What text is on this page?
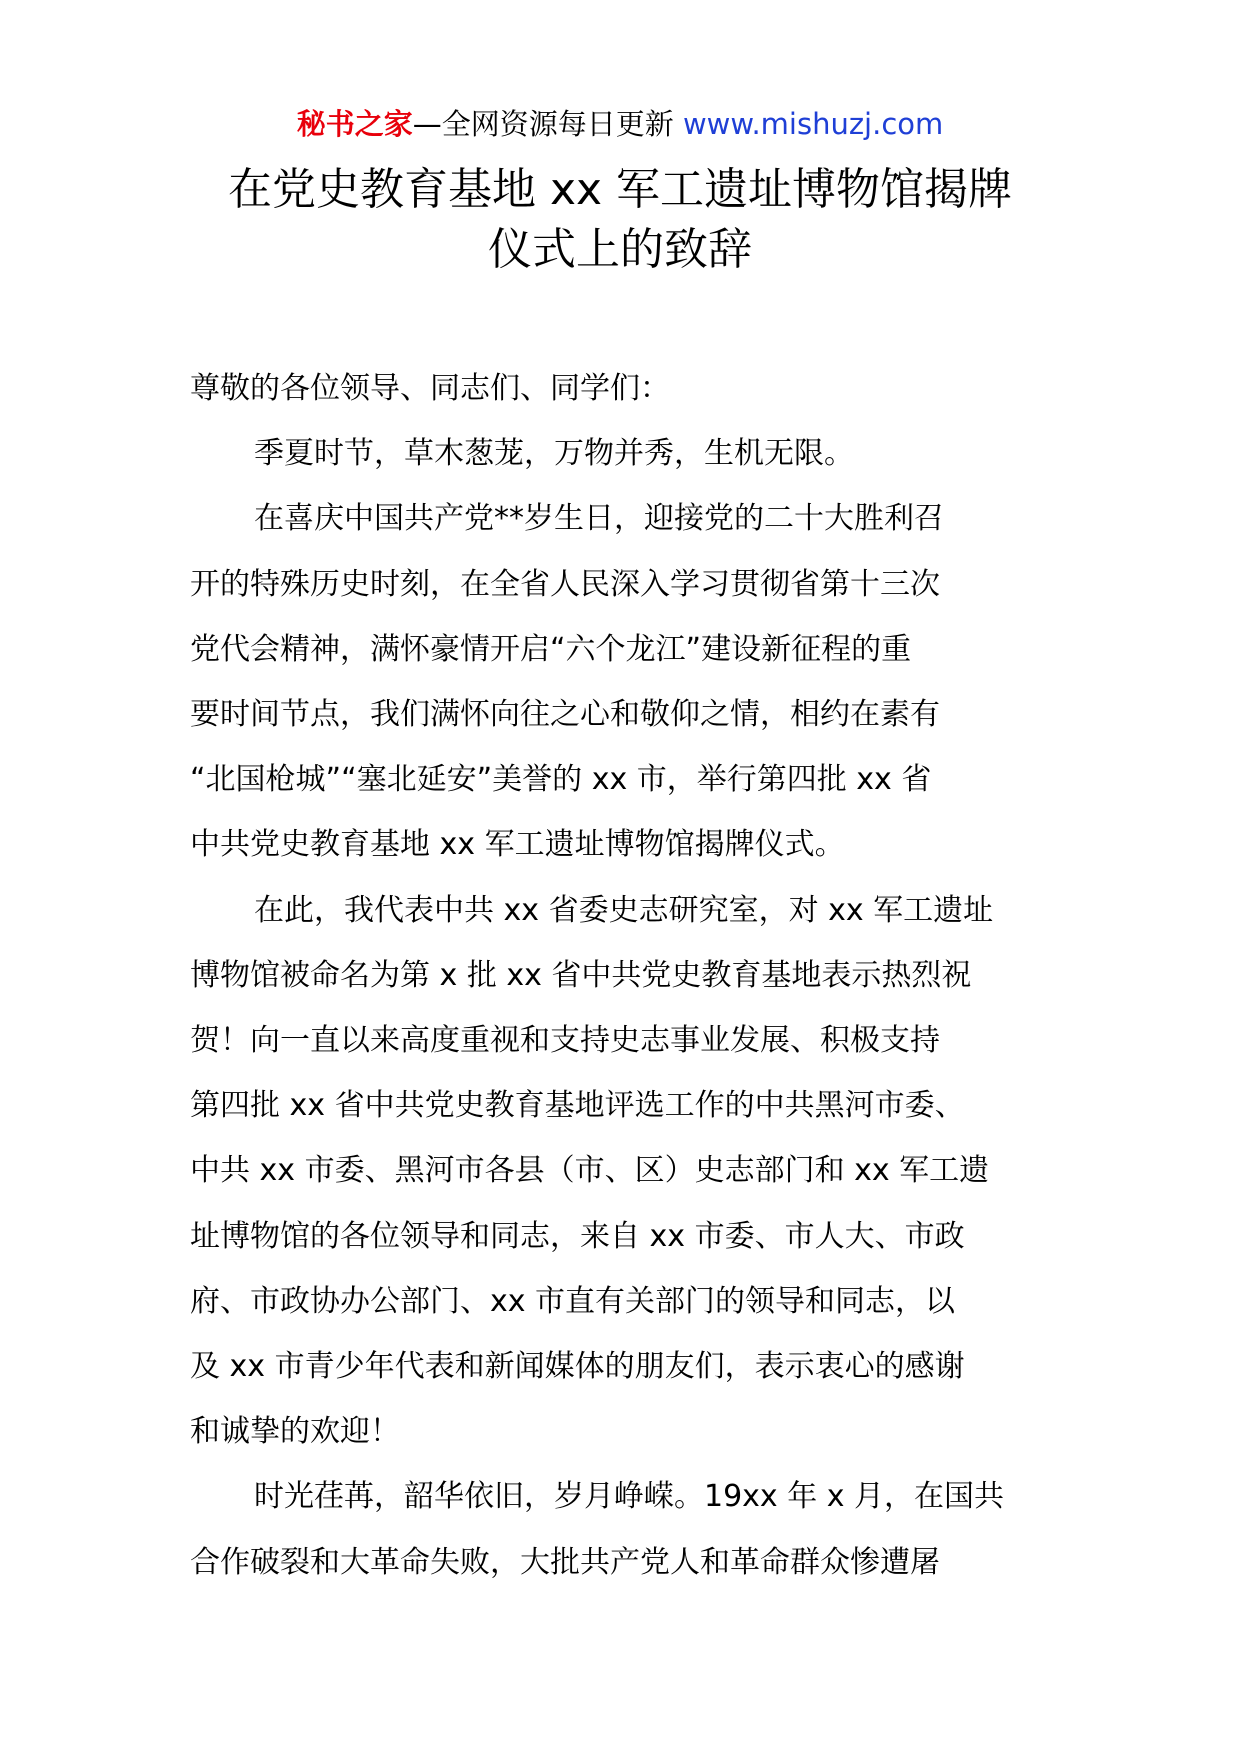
秘书之家—全网资源每日更新 www.mishuzj.com
在党史教育基地 xx 军工遗址博物馆揭牌
仪式上的致辞

尊敬的各位领导、同志们、同学们：

季夏时节，草木葱茏，万物并秀，生机无限。

在喜庆中国共产党**岁生日，迎接党的二十大胜利召
开的特殊历史时刻，在全省人民深入学习贯彻省第十三次
党代会精神，满怀豪情开启“六个龙江”建设新征程的重
要时间节点，我们满怀向往之心和敬仰之情，相约在素有
“北国枪城”“塞北延安”美誉的 xx 市，举行第四批 xx 省
中共党史教育基地 xx 军工遗址博物馆揭牌仪式。

在此，我代表中共 xx 省委史志研究室，对 xx 军工遗址
博物馆被命名为第 x 批 xx 省中共党史教育基地表示热烈祝
贺！向一直以来高度重视和支持史志事业发展、积极支持
第四批 xx 省中共党史教育基地评选工作的中共黑河市委、
中共 xx 市委、黑河市各县（市、区）史志部门和 xx 军工遗
址博物馆的各位领导和同志，来自 xx 市委、市人大、市政
府、市政协办公部门、xx 市直有关部门的领导和同志，以
及 xx 市青少年代表和新闻媒体的朋友们，表示衷心的感谢
和诚挚的欢迎！

时光荏苒，韶华依旧，岁月峥嵘。19xx 年 x 月，在国共
合作破裂和大革命失败，大批共产党人和革命群众惨遭屠
